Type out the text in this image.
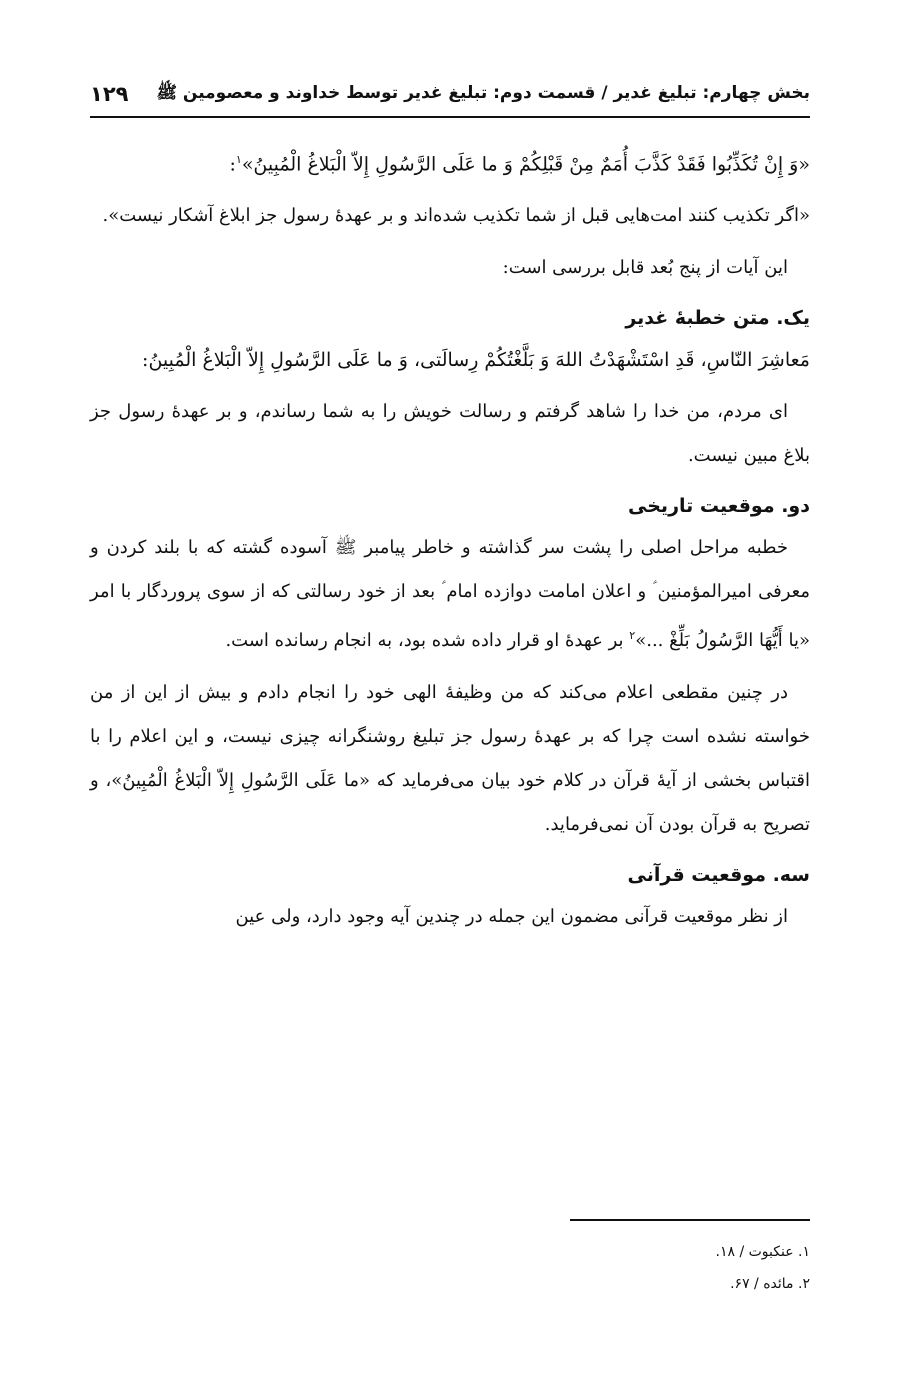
بخش چهارم: تبلیغ غدیر / قسمت دوم: تبلیغ غدیر توسط خداوند و معصومین ﷺ
۱۲۹

«وَ إِنْ تُکَذِّبُوا فَقَدْ کَذَّبَ أُمَمٌ مِنْ قَبْلِکُمْ وَ ما عَلَی الرَّسُولِ إِلاّ الْبَلاغُ الْمُبِینُ»$^۱$:

«اگر تکذیب کنند امت‌هایی قبل از شما تکذیب شده‌اند و بر عهدهٔ رسول جز ابلاغ آشکار نیست».

این آیات از پنج بُعد قابل بررسی است:

یک. متن خطبهٔ غدیر

مَعاشِرَ النّاسِ، قَدِ اسْتَشْهَدْتُ اللهَ وَ بَلَّغْتُکُمْ رِسالَتی، وَ ما عَلَی الرَّسُولِ إِلاّ الْبَلاغُ الْمُبِینُ:

ای مردم، من خدا را شاهد گرفتم و رسالت خویش را به شما رساندم، و بر عهدهٔ رسول جز بلاغ مبین نیست.

دو. موقعیت تاریخی

خطبه مراحل اصلی را پشت سر گذاشته و خاطر پیامبر ﷺ آسوده گشته که با بلند کردن و معرفی امیرالمؤمنین ؑ و اعلان امامت دوازده امام ؑ بعد از خود رسالتی که از سوی پروردگار با امر «یا أَیُّهَا الرَّسُولُ بَلِّغْ ...»$^۲$ بر عهدهٔ او قرار داده شده بود، به انجام رسانده است.

در چنین مقطعی اعلام می‌کند که من وظیفهٔ الهی خود را انجام دادم و بیش از این از من خواسته نشده است چرا که بر عهدهٔ رسول جز تبلیغ روشنگرانه چیزی نیست، و این اعلام را با اقتباس بخشی از آیهٔ قرآن در کلام خود بیان می‌فرماید که «ما عَلَی الرَّسُولِ إِلاّ الْبَلاغُ الْمُبِینُ»، و تصریح به قرآن بودن آن نمی‌فرماید.

سه. موقعیت قرآنی

از نظر موقعیت قرآنی مضمون این جمله در چندین آیه وجود دارد، ولی عین

۱. عنکبوت / ۱۸.

۲. مائده / ۶۷.
